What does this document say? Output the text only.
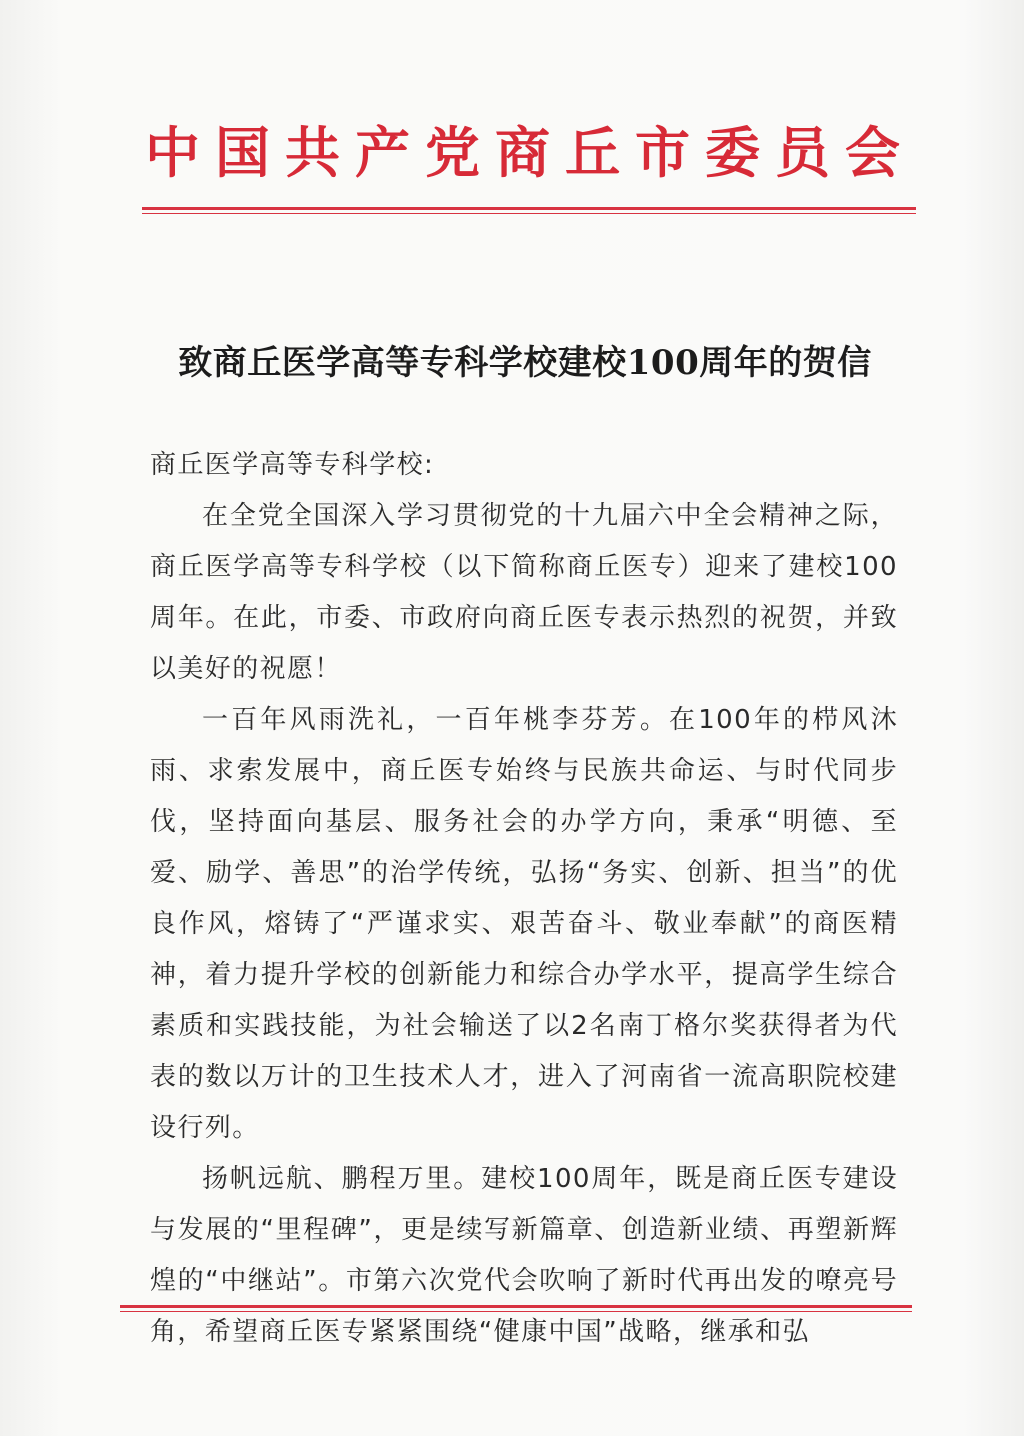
中国共产党商丘市委员会
致商丘医学高等专科学校建校100周年的贺信

商丘医学高等专科学校:

在全党全国深入学习贯彻党的十九届六中全会精神之际，商丘医学高等专科学校（以下简称商丘医专）迎来了建校100周年。在此，市委、市政府向商丘医专表示热烈的祝贺，并致以美好的祝愿！

一百年风雨洗礼，一百年桃李芬芳。在100年的栉风沐雨、求索发展中，商丘医专始终与民族共命运、与时代同步伐，坚持面向基层、服务社会的办学方向，秉承“明德、至爱、励学、善思”的治学传统，弘扬“务实、创新、担当”的优良作风，熔铸了“严谨求实、艰苦奋斗、敬业奉献”的商医精神，着力提升学校的创新能力和综合办学水平，提高学生综合素质和实践技能，为社会输送了以2名南丁格尔奖获得者为代表的数以万计的卫生技术人才，进入了河南省一流高职院校建设行列。

扬帆远航、鹏程万里。建校100周年，既是商丘医专建设与发展的“里程碑”，更是续写新篇章、创造新业绩、再塑新辉煌的“中继站”。市第六次党代会吹响了新时代再出发的嘹亮号角，希望商丘医专紧紧围绕“健康中国”战略，继承和弘
